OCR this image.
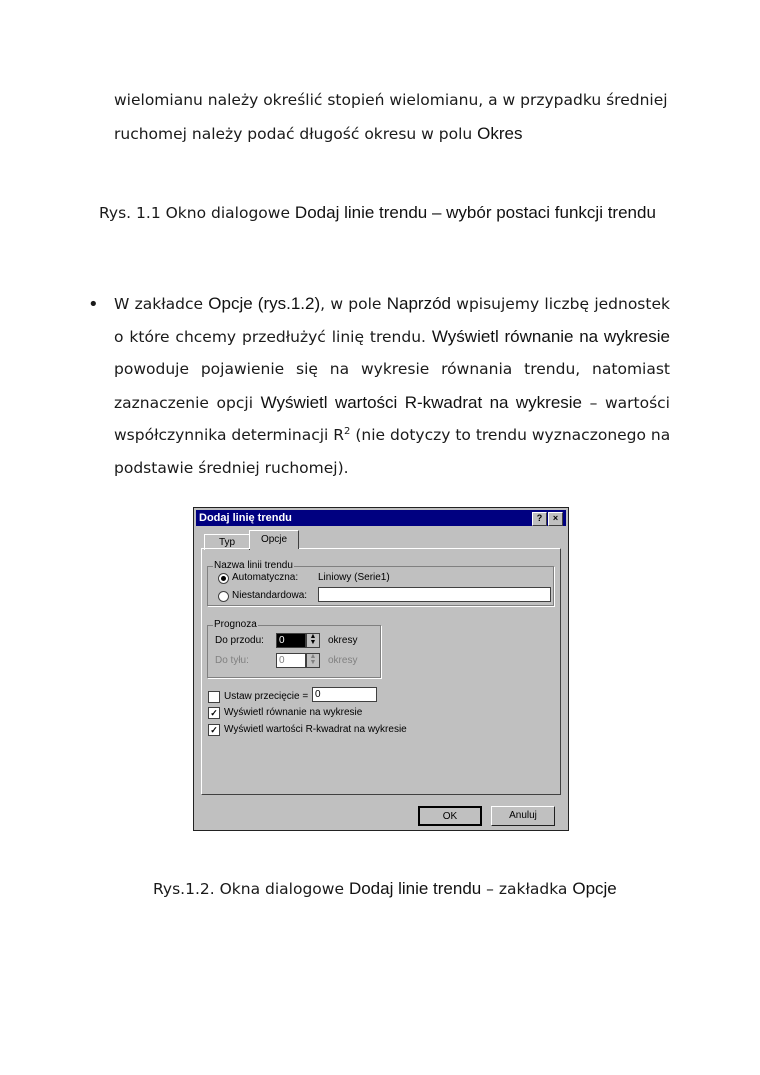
wielomianu należy określić stopień wielomianu, a w przypadku średniej
ruchomej należy podać długość okresu w polu Okres
Rys. 1.1 Okno dialogowe Dodaj linie trendu – wybór postaci funkcji trendu
• W zakładce Opcje (rys.1.2), w pole Naprzód wpisujemy liczbę jednostek
o które chcemy przedłużyć linię trendu. Wyświetl równanie na wykresie
powoduje pojawienie się na wykresie równania trendu, natomiast
zaznaczenie opcji Wyświetl wartości R-kwadrat na wykresie – wartości
współczynnika determinacji $R^2$ (nie dotyczy to trendu wyznaczonego na
podstawie średniej ruchomej).
Dodaj linię trendu	?	×
Typ	Opcje
Nazwa linii trendu
Automatyczna: Liniowy (Serie1)
Niestandardowa:
Prognoza
Do przodu:	0	▲
▼	okresy
Do tyłu:	0	▲
▼	okresy
Ustaw przecięcie = 0
✓ Wyświetl równanie na wykresie
✓ Wyświetl wartości R-kwadrat na wykresie
OK	Anuluj
Rys.1.2. Okna dialogowe Dodaj linie trendu – zakładka Opcje
